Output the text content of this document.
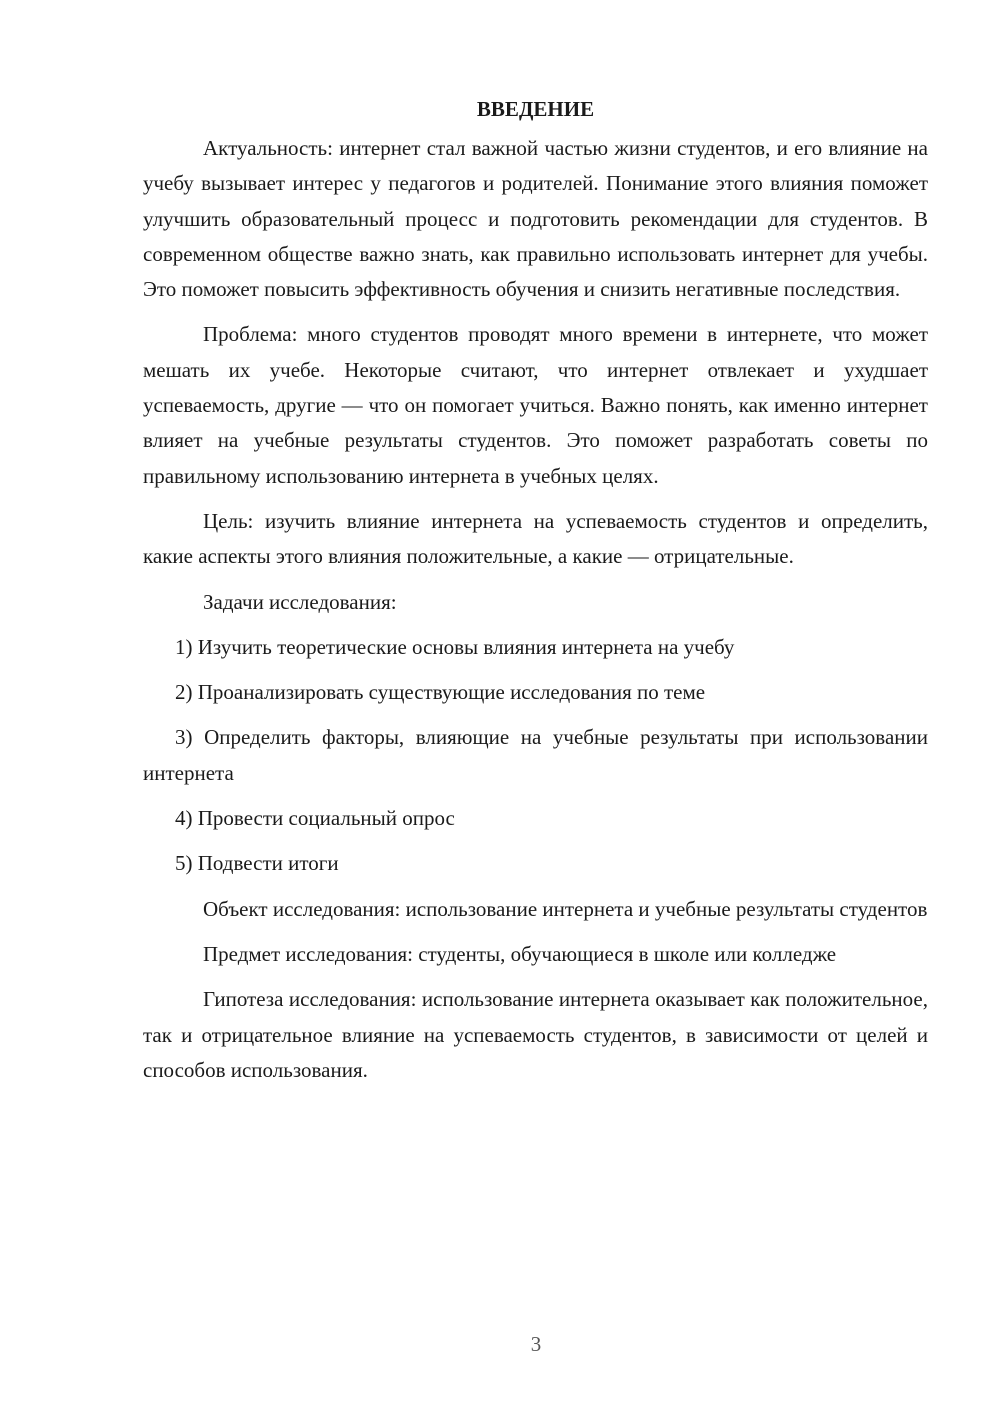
ВВЕДЕНИЕ

Актуальность: интернет стал важной частью жизни студентов, и его влияние на учебу вызывает интерес у педагогов и родителей. Понимание этого влияния поможет улучшить образовательный процесс и подготовить рекомендации для студентов. В современном обществе важно знать, как правильно использовать интернет для учебы. Это поможет повысить эффективность обучения и снизить негативные последствия.

Проблема: много студентов проводят много времени в интернете, что может мешать их учебе. Некоторые считают, что интернет отвлекает и ухудшает успеваемость, другие — что он помогает учиться. Важно понять, как именно интернет влияет на учебные результаты студентов. Это поможет разработать советы по правильному использованию интернета в учебных целях.

Цель: изучить влияние интернета на успеваемость студентов и определить, какие аспекты этого влияния положительные, а какие — отрицательные.

Задачи исследования:

1) Изучить теоретические основы влияния интернета на учебу

2) Проанализировать существующие исследования по теме

3) Определить факторы, влияющие на учебные результаты при использовании интернета

4) Провести социальный опрос

5) Подвести итоги

Объект исследования: использование интернета и учебные результаты студентов

Предмет исследования: студенты, обучающиеся в школе или колледже

Гипотеза исследования: использование интернета оказывает как положительное, так и отрицательное влияние на успеваемость студентов, в зависимости от целей и способов использования.

3
